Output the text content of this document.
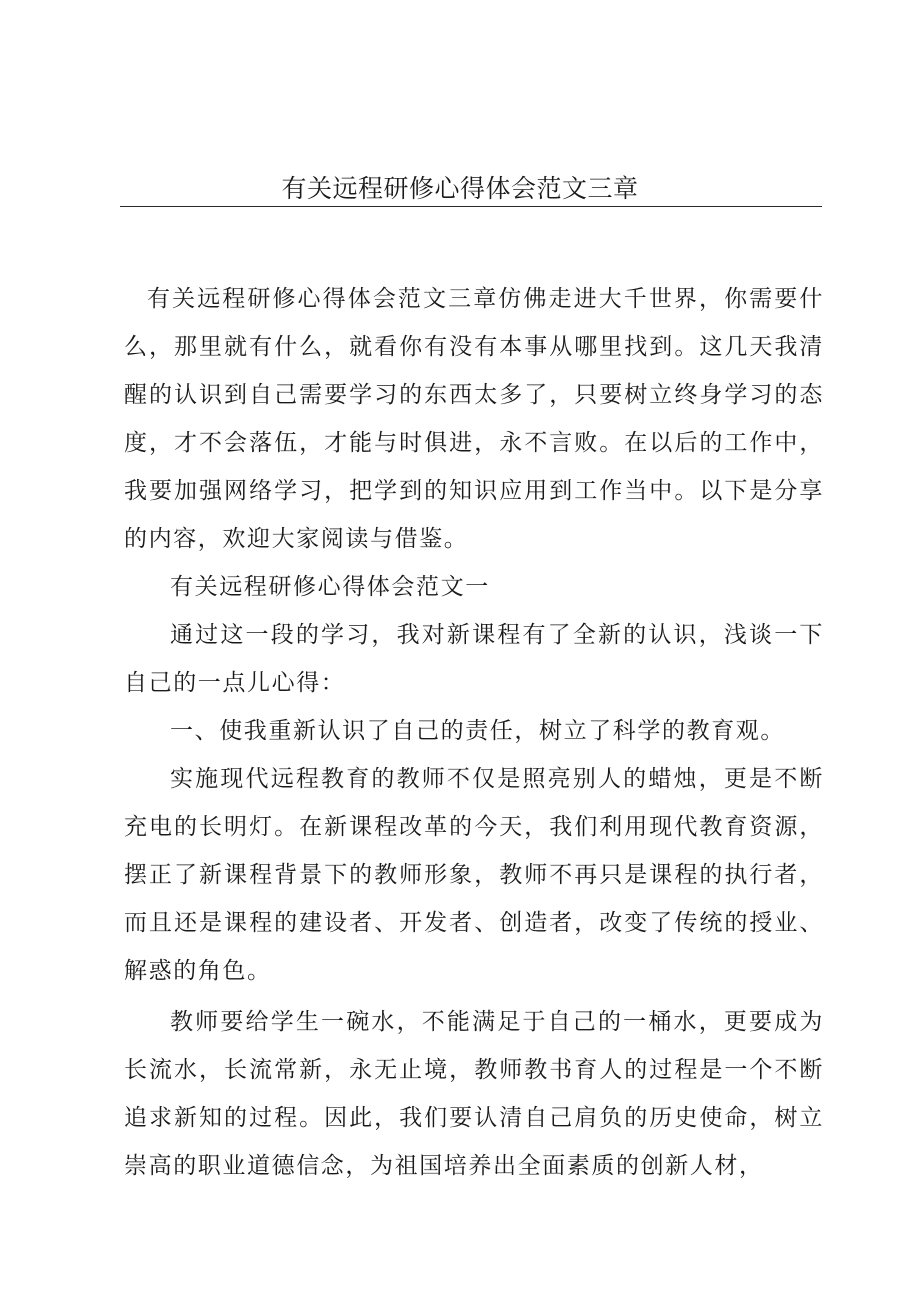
有关远程研修心得体会范文三章

有关远程研修心得体会范文三章仿佛走进大千世界，你需要什么，那里就有什么，就看你有没有本事从哪里找到。这几天我清醒的认识到自己需要学习的东西太多了，只要树立终身学习的态度，才不会落伍，才能与时俱进，永不言败。在以后的工作中，我要加强网络学习，把学到的知识应用到工作当中。以下是分享的内容，欢迎大家阅读与借鉴。

有关远程研修心得体会范文一

通过这一段的学习，我对新课程有了全新的认识，浅谈一下自己的一点儿心得：

一、使我重新认识了自己的责任，树立了科学的教育观。

实施现代远程教育的教师不仅是照亮别人的蜡烛，更是不断充电的长明灯。在新课程改革的今天，我们利用现代教育资源，摆正了新课程背景下的教师形象，教师不再只是课程的执行者，而且还是课程的建设者、开发者、创造者，改变了传统的授业、解惑的角色。

教师要给学生一碗水，不能满足于自己的一桶水，更要成为长流水，长流常新，永无止境，教师教书育人的过程是一个不断追求新知的过程。因此，我们要认清自己肩负的历史使命，树立崇高的职业道德信念，为祖国培养出全面素质的创新人材，
